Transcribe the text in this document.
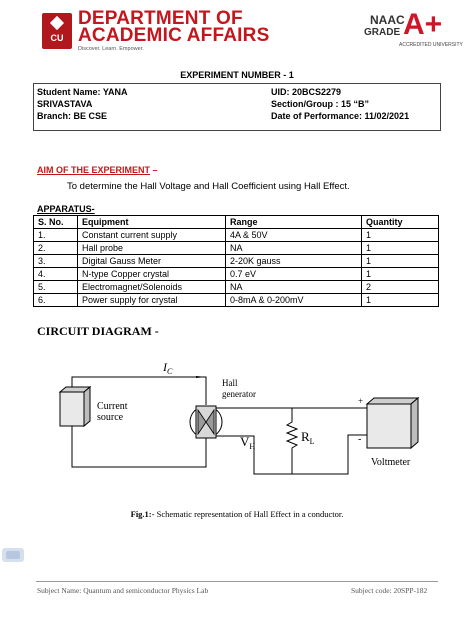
CU
DEPARTMENT OF
ACADEMIC AFFAIRS
Discover. Learn. Empower.
NAAC
GRADE A+
ACCREDITED UNIVERSITY
EXPERIMENT NUMBER - 1
Student Name: YANA
SRIVASTAVA
Branch: BE CSE
UID: 20BCS2279
Section/Group : 15 “B”
Date of Performance: 11/02/2021
AIM OF THE EXPERIMENT –
To determine the Hall Voltage and Hall Coefficient using Hall Effect.
APPARATUS-
S. No.	Equipment	Range	Quantity
1.	Constant current supply	4A & 50V	1
2.	Hall probe	NA	1
3.	Digital Gauss Meter	2-20K gauss	1
4.	N-type Copper crystal	0.7 eV	1
5.	Electromagnet/Solenoids	NA	2
6.	Power supply for crystal	0-8mA & 0-200mV	1
CIRCUIT DIAGRAM -
Current
source
$I_C$
Hall
generator
$R_L$
$V_H$
+
-
Voltmeter
Fig.1:- Schematic representation of Hall Effect in a conductor.
Subject Name: Quantum and semiconductor Physics Lab	Subject code: 20SPP-182
